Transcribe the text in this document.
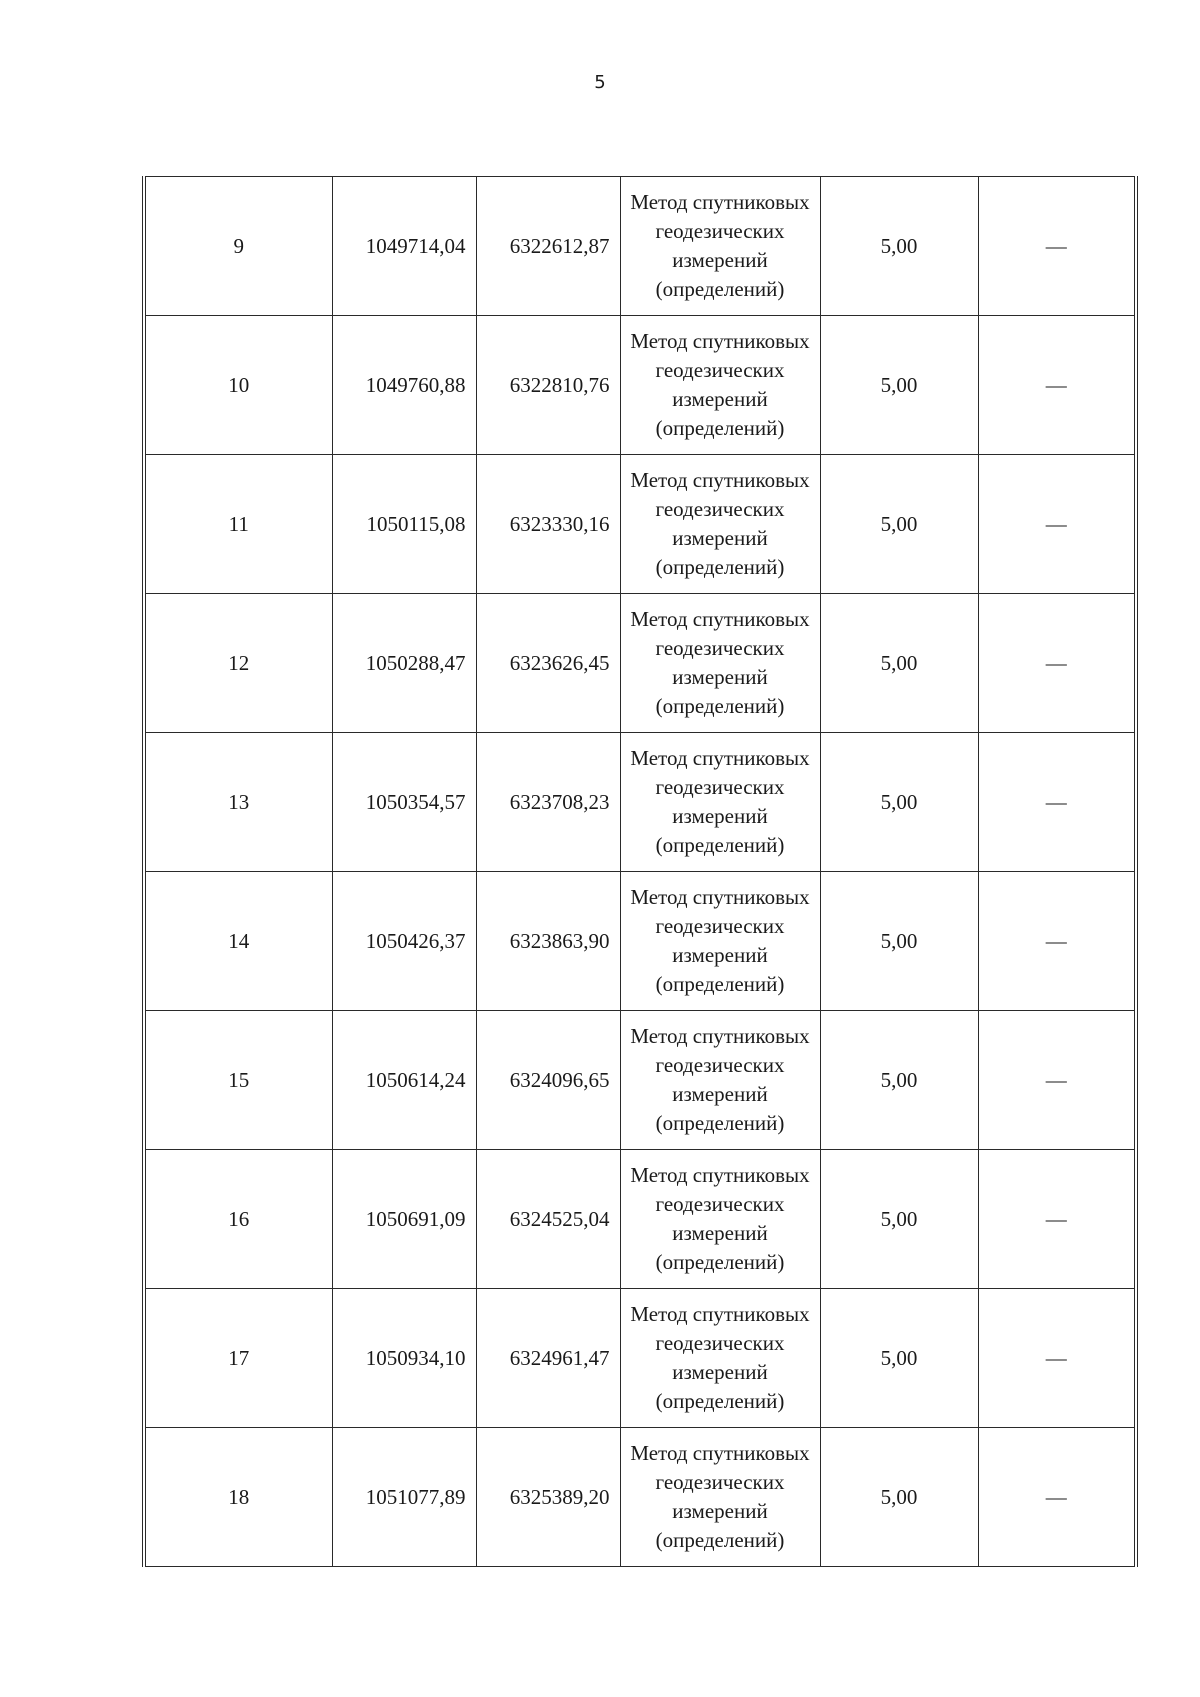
5
9	1049714,04	6322612,87	Метод спутниковых
геодезических
измерений
(определений)	5,00	—
10	1049760,88	6322810,76	Метод спутниковых
геодезических
измерений
(определений)	5,00	—
11	1050115,08	6323330,16	Метод спутниковых
геодезических
измерений
(определений)	5,00	—
12	1050288,47	6323626,45	Метод спутниковых
геодезических
измерений
(определений)	5,00	—
13	1050354,57	6323708,23	Метод спутниковых
геодезических
измерений
(определений)	5,00	—
14	1050426,37	6323863,90	Метод спутниковых
геодезических
измерений
(определений)	5,00	—
15	1050614,24	6324096,65	Метод спутниковых
геодезических
измерений
(определений)	5,00	—
16	1050691,09	6324525,04	Метод спутниковых
геодезических
измерений
(определений)	5,00	—
17	1050934,10	6324961,47	Метод спутниковых
геодезических
измерений
(определений)	5,00	—
18	1051077,89	6325389,20	Метод спутниковых
геодезических
измерений
(определений)	5,00	—
